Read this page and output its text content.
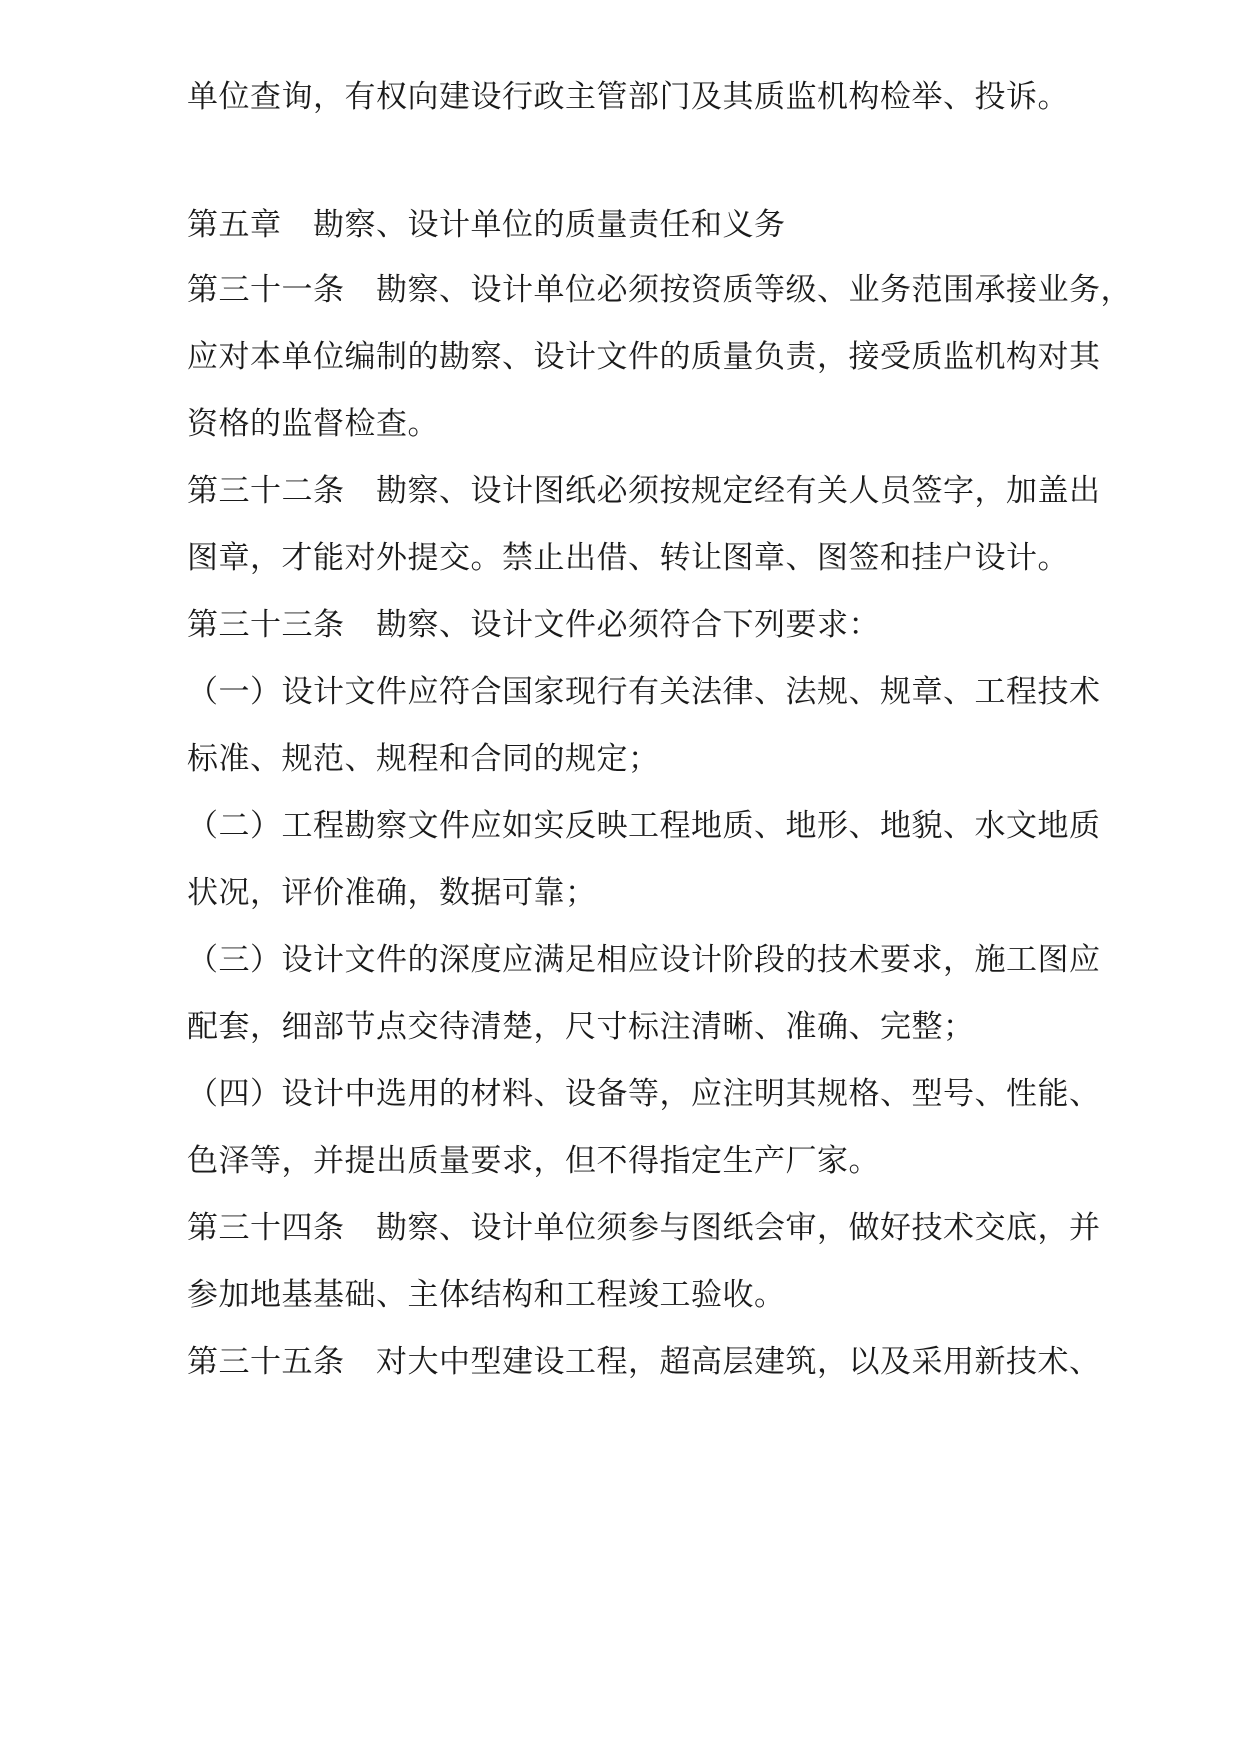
单位查询，有权向建设行政主管部门及其质监机构检举、投诉。
第五章　勘察、设计单位的质量责任和义务
第三十一条　勘察、设计单位必须按资质等级、业务范围承接业务，
应对本单位编制的勘察、设计文件的质量负责，接受质监机构对其
资格的监督检查。
第三十二条　勘察、设计图纸必须按规定经有关人员签字，加盖出
图章，才能对外提交。禁止出借、转让图章、图签和挂户设计。
第三十三条　勘察、设计文件必须符合下列要求：
（一）设计文件应符合国家现行有关法律、法规、规章、工程技术
标准、规范、规程和合同的规定；
（二）工程勘察文件应如实反映工程地质、地形、地貌、水文地质
状况，评价准确，数据可靠；
（三）设计文件的深度应满足相应设计阶段的技术要求，施工图应
配套，细部节点交待清楚，尺寸标注清晰、准确、完整；
（四）设计中选用的材料、设备等，应注明其规格、型号、性能、
色泽等，并提出质量要求，但不得指定生产厂家。
第三十四条　勘察、设计单位须参与图纸会审，做好技术交底，并
参加地基基础、主体结构和工程竣工验收。
第三十五条　对大中型建设工程，超高层建筑，以及采用新技术、
